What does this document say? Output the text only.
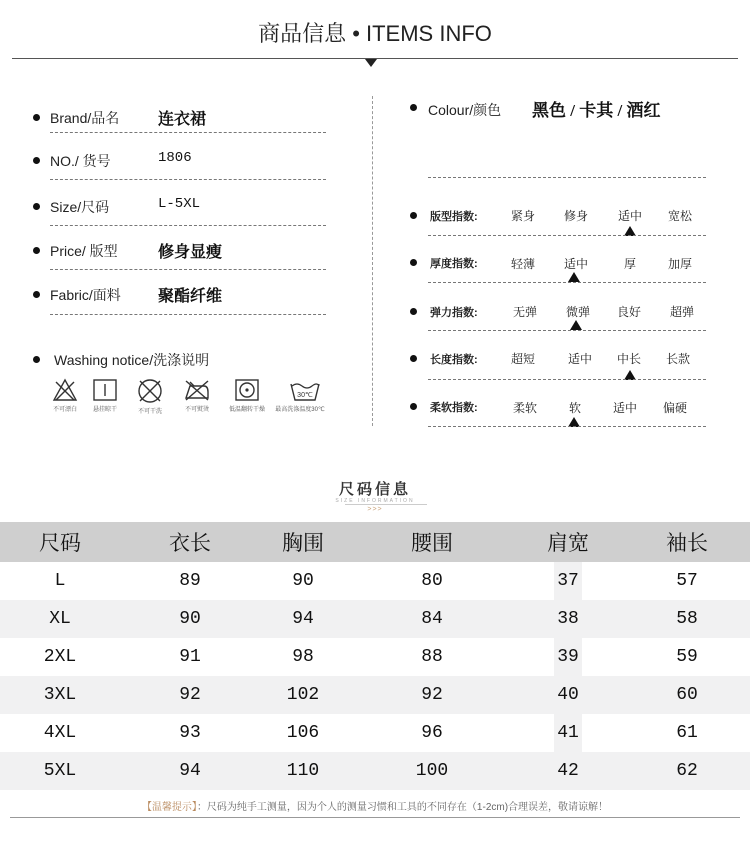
商品信息 • ITEMS INFO
Brand/品名 连衣裙
NO./ 货号	1806
Size/尺码	L-5XL
Price/ 版型	修身显瘦
Fabric/面料 聚酯纤维
Washing notice/洗涤说明
不可漂白	悬挂晾干	不可干洗	不可熨烫	低温翻转干燥
30℃
最高洗涤温度30℃
Colour/颜色 黑色 / 卡其 / 酒红
版型指数:	紧身 修身 适中 宽松
厚度指数:	轻薄 适中	厚	加厚
弹力指数:	无弹 微弹 良好 超弹
长度指数:	超短	适中 中长 长款
柔软指数:	柔软	软	适中 偏硬
尺码信息
SIZE INFORMATION
>>>
尺码	衣长	胸围	腰围	肩宽	袖长
L	89	90	80	37	57
XL	90	94	84	38	58
2XL	91	98	88	39	59
3XL	92	102	92	40	60
4XL	93	106	96	41	61
5XL	94	110	100	42	62
【温馨提示】：尺码为纯手工测量，因为个人的测量习惯和工具的不同存在（1-2cm)合理误差，敬请谅解！
